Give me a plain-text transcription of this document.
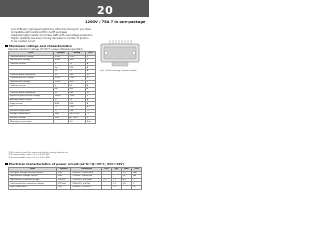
20
1200V / 75A 7 in one-package
Low VCE(sat), high speed switching, Ultra-low driving for you ideal
Compatible with existing IPM in tariff packages
Integrated gate resistor and brake IGBT with overvoltage protection
Higher reliability because of a big decrease in number of parts in
to be created circuit
Maximum ratings and characteristics
Absolute maximum ratings (Tc=25°C unless otherwise specified)
Item	Symbol	Rating	Unit
Collector-Emitter voltage	VCES	1200	V
Gate-Emitter voltage	VGES	±20	V
Collector current	Ic	75	A
	Icp	150	A
	-Ic	75	A
Collector power dissipation	Pc	360	W
Collector-Emitter voltage	VCES	1200	V
Gate-Emitter voltage	VGES	±20	V
Collector current	Ic	50	A
	Icp	100	A
Collector power dissipation	Pc	240	W
Repetitive peak reverse voltage	VRRM	1200	V
Average output current	IO	75	A
Surge current	IFSM	520	A
I²t	I²t	1352	A²s
Junction temperature	Tj	150	°C
Storage temperature	Tstg	-40~+125	°C
Isolation voltage	Viso	AC 2500	V
Mounting screw torque		3.5	N·m
Fig.1 Outline drawing of power module
*1 All terminals should be connected together during isolation test
*2 Recommendable value: 2.5 to 3.5 N·m (M5)
*3 Recommendable value: 2.5 to 3.5 N·m (M5)
Electrical characteristics of power circuit (at Tc=Tj=25°C, VCC=15V)
Item	Symbol	Conditions	Min.	Typ.	Max.	Unit
Zero gate voltage collector current	ICES	VGE=0V, VCE=1200V			1.0	mA
Gate-Emitter leakage current	IGES	VCE=0V, VGE=±20V			20	μA
Gate-Emitter threshold voltage	VGE(th)	VCE=20V, Ic=75mA	5.5	7.2	8.5	V
Collector-Emitter saturation voltage	VCE(sat)	VGE=15V, Ic=75A		2.1	2.6	V
Input capacitance	Cies	VGE=0V, VCE=10V		7.0		nF
